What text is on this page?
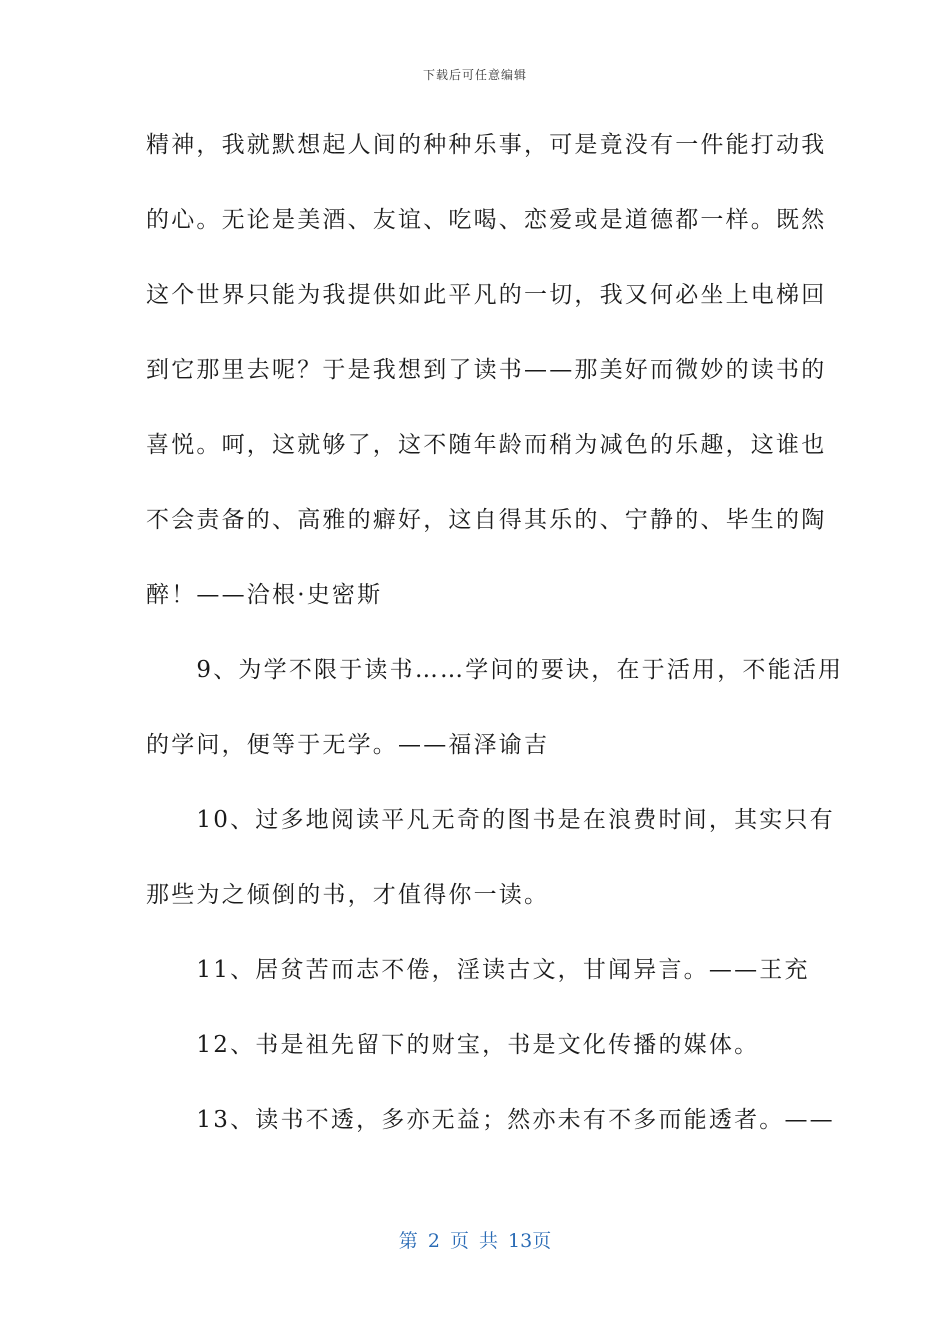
下载后可任意编辑
精神，我就默想起人间的种种乐事，可是竟没有一件能打动我
的心。无论是美酒、友谊、吃喝、恋爱或是道德都一样。既然
这个世界只能为我提供如此平凡的一切，我又何必坐上电梯回
到它那里去呢？于是我想到了读书——那美好而微妙的读书的
喜悦。呵，这就够了，这不随年龄而稍为减色的乐趣，这谁也
不会责备的、高雅的癖好，这自得其乐的、宁静的、毕生的陶
醉！——洽根·史密斯
　　9、为学不限于读书……学问的要诀，在于活用，不能活用
的学问，便等于无学。——福泽谕吉
　　10、过多地阅读平凡无奇的图书是在浪费时间，其实只有
那些为之倾倒的书，才值得你一读。
　　11、居贫苦而志不倦，淫读古文，甘闻异言。——王充
　　12、书是祖先留下的财宝，书是文化传播的媒体。
　　13、读书不透，多亦无益；然亦未有不多而能透者。——
第 2 页 共 13页
